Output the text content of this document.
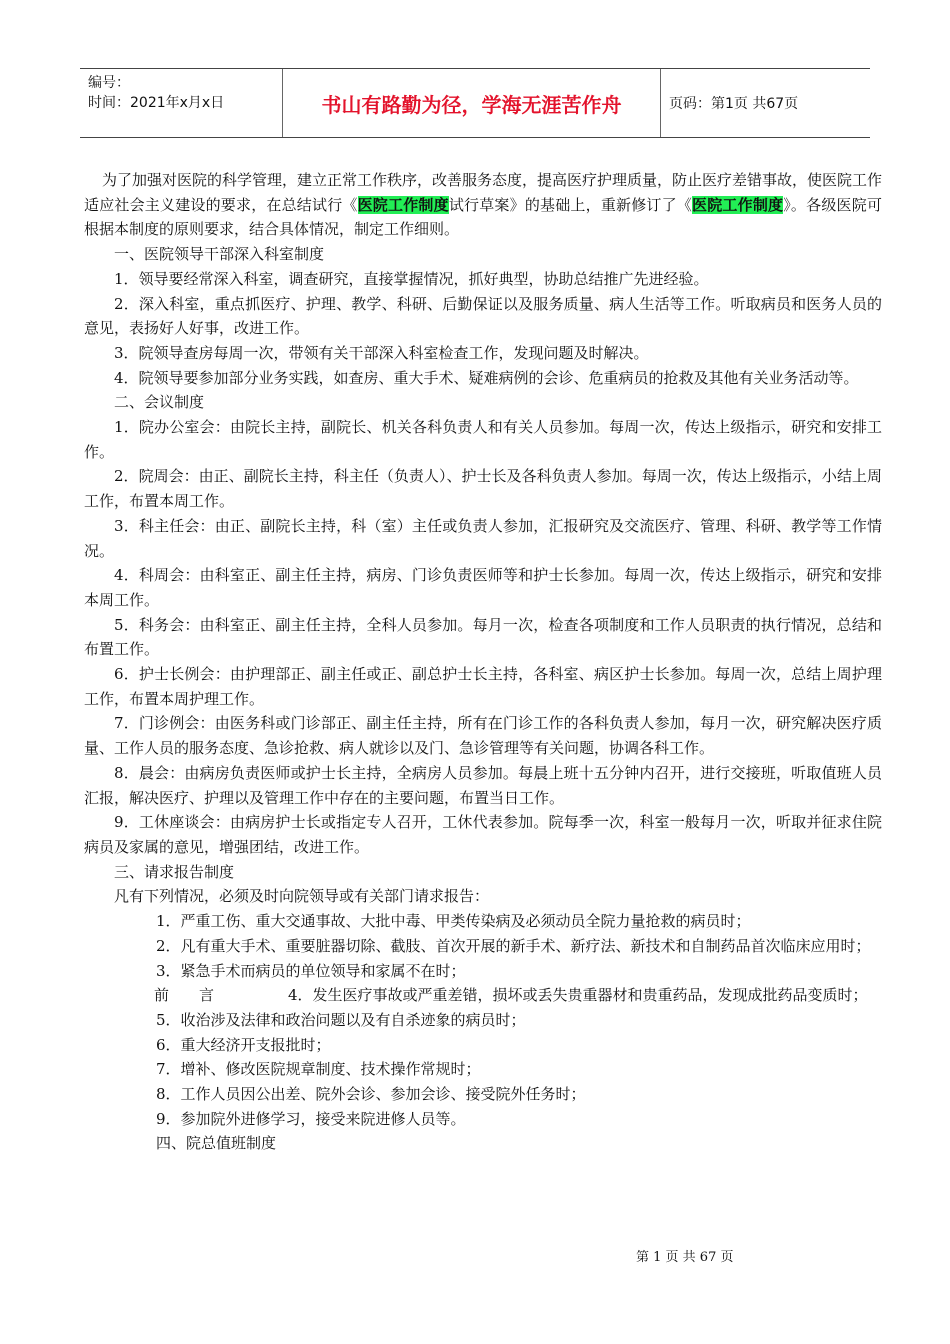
编号：
时间：2021年x月x日	书山有路勤为径，学海无涯苦作舟	页码：第1页 共67页

为了加强对医院的科学管理，建立正常工作秩序，改善服务态度，提高医疗护理质量，防止医疗差错事故，使医院工作适应社会主义建设的要求，在总结试行《医院工作制度试行草案》的基础上，重新修订了《医院工作制度》。各级医院可根据本制度的原则要求，结合具体情况，制定工作细则。

一、医院领导干部深入科室制度

1．领导要经常深入科室，调查研究，直接掌握情况，抓好典型，协助总结推广先进经验。

2．深入科室，重点抓医疗、护理、教学、科研、后勤保证以及服务质量、病人生活等工作。听取病员和医务人员的意见，表扬好人好事，改进工作。

3．院领导查房每周一次，带领有关干部深入科室检查工作，发现问题及时解决。

4．院领导要参加部分业务实践，如查房、重大手术、疑难病例的会诊、危重病员的抢救及其他有关业务活动等。

二、会议制度

1．院办公室会：由院长主持，副院长、机关各科负责人和有关人员参加。每周一次，传达上级指示，研究和安排工作。

2．院周会：由正、副院长主持，科主任（负责人）、护士长及各科负责人参加。每周一次，传达上级指示，小结上周工作，布置本周工作。

3．科主任会：由正、副院长主持，科（室）主任或负责人参加，汇报研究及交流医疗、管理、科研、教学等工作情况。

4．科周会：由科室正、副主任主持，病房、门诊负责医师等和护士长参加。每周一次，传达上级指示，研究和安排本周工作。

5．科务会：由科室正、副主任主持，全科人员参加。每月一次，检查各项制度和工作人员职责的执行情况，总结和布置工作。

6．护士长例会：由护理部正、副主任或正、副总护士长主持，各科室、病区护士长参加。每周一次，总结上周护理工作，布置本周护理工作。

7．门诊例会：由医务科或门诊部正、副主任主持，所有在门诊工作的各科负责人参加，每月一次，研究解决医疗质量、工作人员的服务态度、急诊抢救、病人就诊以及门、急诊管理等有关问题，协调各科工作。

8．晨会：由病房负责医师或护士长主持，全病房人员参加。每晨上班十五分钟内召开，进行交接班，听取值班人员汇报，解决医疗、护理以及管理工作中存在的主要问题，布置当日工作。

9．工休座谈会：由病房护士长或指定专人召开，工休代表参加。院每季一次，科室一般每月一次，听取并征求住院病员及家属的意见，增强团结，改进工作。

三、请求报告制度

凡有下列情况，必须及时向院领导或有关部门请求报告：

1．严重工伤、重大交通事故、大批中毒、甲类传染病及必须动员全院力量抢救的病员时；

2．凡有重大手术、重要脏器切除、截肢、首次开展的新手术、新疗法、新技术和自制药品首次临床应用时；

3．紧急手术而病员的单位领导和家属不在时；

前　　言	4．发生医疗事故或严重差错，损坏或丢失贵重器材和贵重药品，发现成批药品变质时；

5．收治涉及法律和政治问题以及有自杀迹象的病员时；

6．重大经济开支报批时；

7．增补、修改医院规章制度、技术操作常规时；

8．工作人员因公出差、院外会诊、参加会诊、接受院外任务时；

9．参加院外进修学习，接受来院进修人员等。

四、院总值班制度

第 1 页 共 67 页
